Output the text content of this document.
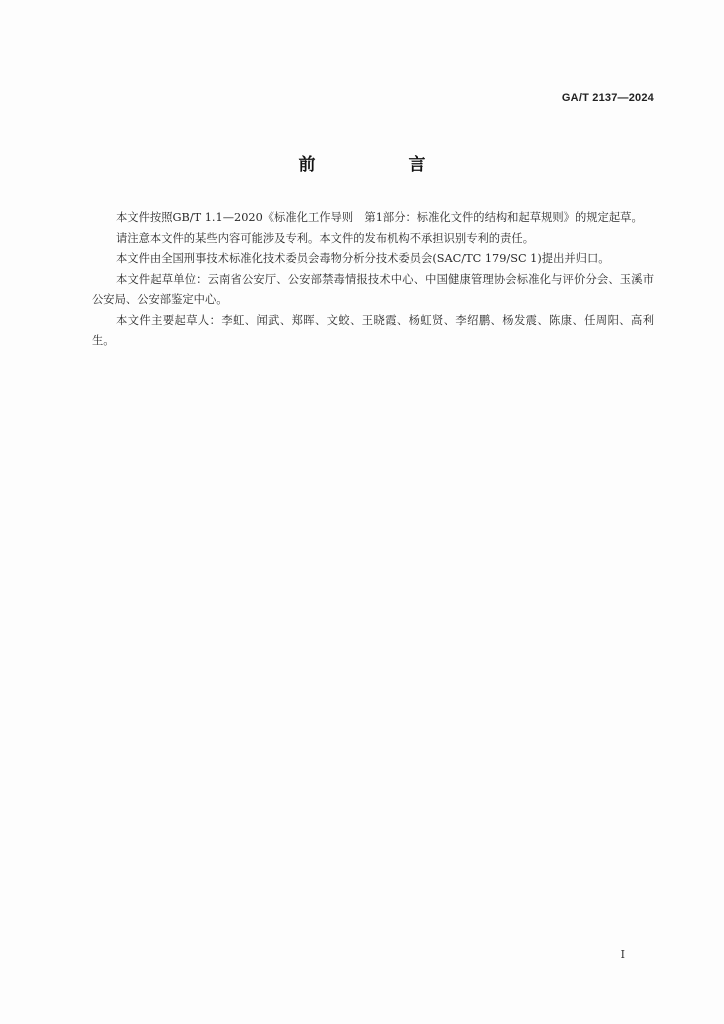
GA/T 2137—2024
前　言

本文件按照GB/T 1.1—2020《标准化工作导则　第1部分：标准化文件的结构和起草规则》的规定起草。

请注意本文件的某些内容可能涉及专利。本文件的发布机构不承担识别专利的责任。

本文件由全国刑事技术标准化技术委员会毒物分析分技术委员会(SAC/TC 179/SC 1)提出并归口。

本文件起草单位：云南省公安厅、公安部禁毒情报技术中心、中国健康管理协会标准化与评价分会、玉溪市公安局、公安部鉴定中心。

本文件主要起草人：李虹、闻武、郑晖、文蛟、王晓霞、杨虹贤、李绍鹏、杨发震、陈康、任周阳、高利生。

I
